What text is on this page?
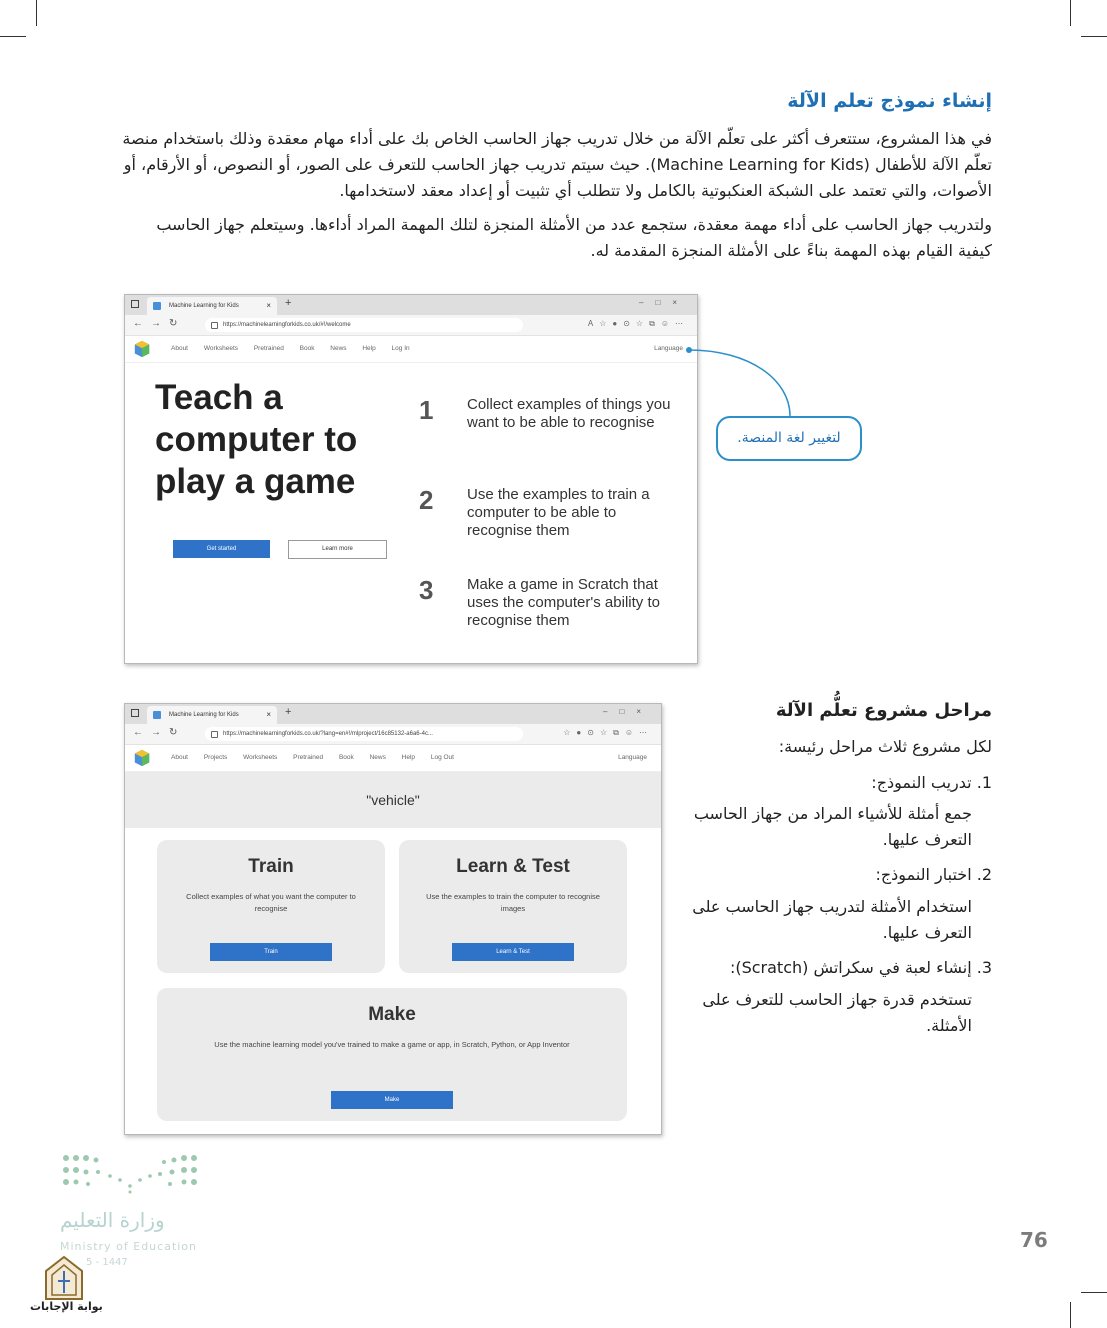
إنشاء نموذج تعلم الآلة

في هذا المشروع، ستتعرف أكثر على تعلّم الآلة من خلال تدريب جهاز الحاسب الخاص بك على أداء مهام معقدة وذلك باستخدام منصة تعلّم الآلة للأطفال (Machine Learning for Kids). حيث سيتم تدريب جهاز الحاسب للتعرف على الصور، أو النصوص، أو الأرقام، أو الأصوات، والتي تعتمد على الشبكة العنكبوتية بالكامل ولا تتطلب أي تثبيت أو إعداد معقد لاستخدامها.

ولتدريب جهاز الحاسب على أداء مهمة معقدة، ستجمع عدد من الأمثلة المنجزة لتلك المهمة المراد أداءها. وسيتعلم جهاز الحاسب كيفية القيام بهذه المهمة بناءً على الأمثلة المنجزة المقدمة له.

Machine Learning for Kids	× +	–□×
←→↻	https://machinelearningforkids.co.uk/#!/welcome	A☆●⊙☆⧉☺⋯
About Worksheets Pretrained Book News Help Log In	Language

Teach a computer to play a game

Get started	Learn more
1 Collect examples of things you want to be able to recognise
2 Use the examples to train a computer to be able to recognise them
3 Make a game in Scratch that uses the computer's ability to recognise them
لتغيير لغة المنصة.
Machine Learning for Kids	× +	–□×
←→↻	https://machinelearningforkids.co.uk/?lang=en#!/mlproject/16c85132-a6a6-4c...	☆●⊙☆⧉☺⋯
About Projects Worksheets Pretrained Book News Help Log Out	Language
"vehicle"
Train
Collect examples of what you want the computer to recognise
Train
Learn & Test
Use the examples to train the computer to recognise images
Learn & Test
Make
Use the machine learning model you've trained to make a game or app, in Scratch, Python, or App Inventor
Make
مراحل مشروع تعلُّم الآلة

لكل مشروع ثلاث مراحل رئيسة:

1. تدريب النموذج:

جمع أمثلة للأشياء المراد من جهاز الحاسب التعرف عليها.

2. اختبار النموذج:

استخدام الأمثلة لتدريب جهاز الحاسب على التعرف عليها.

3. إنشاء لعبة في سكراتش (Scratch):

تستخدم قدرة جهاز الحاسب للتعرف على الأمثلة.

وزارة التعليم

Ministry of Education

5 - 1447

بوابة الإجابات

76
